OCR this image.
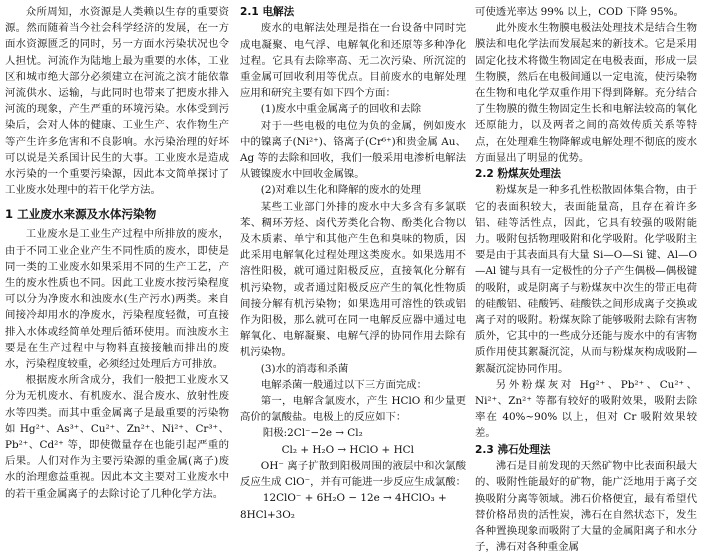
众所周知，水资源是人类赖以生存的重要资源。然而随着当今社会科学经济的发展，在一方面水资源匮乏的同时，另一方面水污染状况也令人担忧。河流作为陆地上最为重要的水体，工业区和城市绝大部分必须建立在河流之滨才能依靠河流供水、运输，与此同时也带来了把废水排入河流的现象，产生严重的环境污染。水体受到污染后，会对人体的健康、工业生产、农作物生产等产生许多危害和不良影响。水污染治理的好坏可以说是关系国计民生的大事。工业废水是造成水污染的一个重要污染源，因此本文简单探讨了工业废水处理中的若干化学方法。

1 工业废水来源及水体污染物

工业废水是工业生产过程中所排放的废水，由于不同工业企业产生不同性质的废水，即使是同一类的工业废水如果采用不同的生产工艺，产生的废水性质也不同。因此工业废水按污染程度可以分为净废水和浊废水(生产污水)两类。来自间接冷却用水的净废水，污染程度轻微，可直接排入水体或经简单处理后循环使用。而浊废水主要是在生产过程中与物料直接接触而排出的废水，污染程度较重，必须经过处理后方可排放。

根据废水所含成分，我们一般把工业废水又分为无机废水、有机废水、混合废水、放射性废水等四类。而其中重金属离子是最重要的污染物如 Hg²⁺、As³⁺、Cu²⁺、Zn²⁺、Ni²⁺、Cr³⁺、Pb²⁺、Cd²⁺ 等，即使微量存在也能引起严重的后果。人们对作为主要污染源的重金属(离子)废水的治理愈益重视。因此本文主要对工业废水中的若干重金属离子的去除讨论了几种化学方法。

2.1 电解法

废水的电解法处理是指在一台设备中同时完成电凝聚、电气浮、电解氧化和还原等多种净化过程。它具有去除率高、无二次污染、所沉淀的重金属可回收利用等优点。目前废水的电解处理应用和研究主要有如下四个方面：

(1)废水中重金属离子的回收和去除

对于一些电极的电位为负的金属，例如废水中的镍离子(Ni²⁺)、铬离子(Cr⁶⁺)和贵金属 Au、Ag 等的去除和回收，我们一般采用电渗析电解法从镀镍废水中回收金属镍。

(2)对难以生化和降解的废水的处理

某些工业部门外排的废水中大多含有多氯联苯、稠环芳烃、卤代芳类化合物、酚类化合物以及木质素、单宁和其他产生色和臭味的物质，因此采用电解氧化过程处理这类废水。如果选用不溶性阳极，就可通过阳极反应，直接氧化分解有机污染物，或者通过阳极反应产生的氧化性物质间接分解有机污染物；如果选用可溶性的铁或铝作为阳极，那么就可在同一电解反应器中通过电解氧化、电解凝聚、电解气浮的协同作用去除有机污染物。

(3)水的消毒和杀菌

电解杀菌一般通过以下三方面完成：

第一，电解含氯废水，产生 HClO 和少量更高价的氯酸盐。电极上的反应如下：

阳极:2Cl⁻−2e → Cl₂
Cl₂ + H₂O → HClO + HCl

OH⁻ 离子扩散到阳极周围的液层中和次氯酸反应生成 ClO⁻，并有可能进一步反应生成氯酸：

12ClO⁻ + 6H₂O − 12e → 4HClO₃ +
8HCl+3O₂

可使透光率达 99% 以上，COD 下降 95%。

此外废水生物膜电极法处理技术是结合生物膜法和电化学法而发展起来的新技术。它是采用固定化技术将微生物固定在电极表面，形成一层生物膜，然后在电极间通以一定电流，使污染物在生物和电化学双重作用下得到降解。充分结合了生物膜的微生物固定生长和电解法较高的氧化还原能力，以及两者之间的高效传质关系等特点，在处理难生物降解或电解处理不彻底的废水方面显出了明显的优势。

2.2 粉煤灰处理法

粉煤灰是一种多孔性松散固体集合物，由于它的表面积较大，表面能量高，且存在着许多铝、硅等活性点，因此，它具有较强的吸附能力。吸附包括物理吸附和化学吸附。化学吸附主要是由于其表面具有大量 Si—O—Si 键、Al—O—Al 键与具有一定极性的分子产生偶极—偶极键的吸附，或是阴离子与粉煤灰中次生的带正电荷的硅酸铝、硅酸钙、硅酸铁之间形成离子交换或离子对的吸附。粉煤灰除了能够吸附去除有害物质外，它其中的一些成分还能与废水中的有害物质作用使其絮凝沉淀，从而与粉煤灰构成吸附—絮凝沉淀协同作用。

另外粉煤灰对 Hg²⁺、Pb²⁺、Cu²⁺、Ni²⁺、Zn²⁺ 等都有较好的吸附效果，吸附去除率在 40%~90% 以上，但对 Cr 吸附效果较差。

2.3 沸石处理法

沸石是目前发现的天然矿物中比表面积最大的、吸附性能最好的矿物，能广泛地用于离子交换吸附分离等领域。沸石价格便宜，最有希望代替价格昂贵的活性炭，沸石在自然状态下，发生各种置换现象而吸附了大量的金属阳离子和水分子，沸石对各种重金属
